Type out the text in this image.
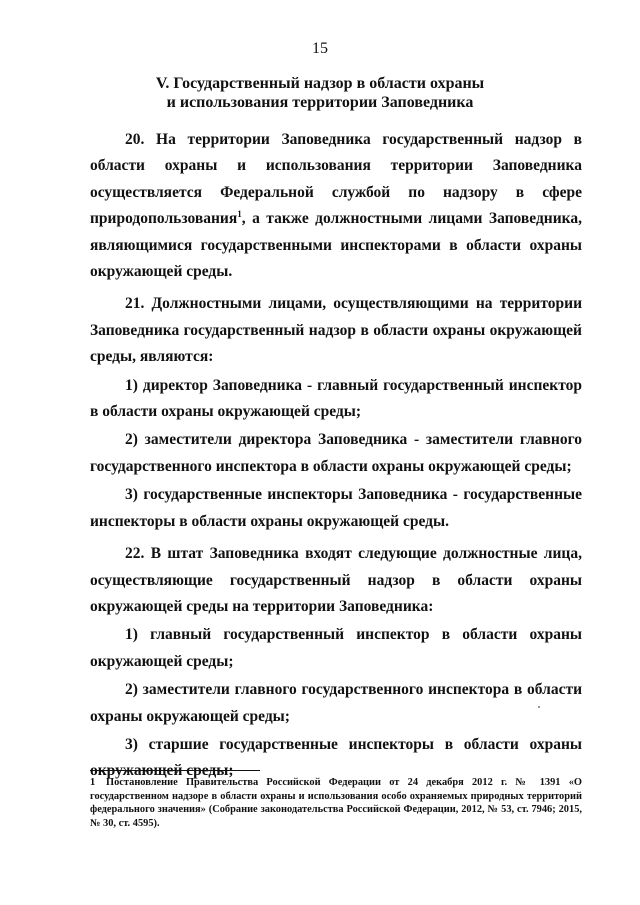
15
V. Государственный надзор в области охраны
и использования территории Заповедника

20. На территории Заповедника государственный надзор в области охраны и использования территории Заповедника осуществляется Федеральной службой по надзору в сфере природопользования$^1$, а также должностными лицами Заповедника, являющимися государственными инспекторами в области охраны окружающей среды.

21. Должностными лицами, осуществляющими на территории Заповедника государственный надзор в области охраны окружающей среды, являются:

1) директор Заповедника - главный государственный инспектор в области охраны окружающей среды;

2) заместители директора Заповедника - заместители главного государственного инспектора в области охраны окружающей среды;

3) государственные инспекторы Заповедника - государственные инспекторы в области охраны окружающей среды.

22. В штат Заповедника входят следующие должностные лица, осуществляющие государственный надзор в области охраны окружающей среды на территории Заповедника:

1) главный государственный инспектор в области охраны окружающей среды;

2) заместители главного государственного инспектора в области охраны окружающей среды;

3) старшие государственные инспекторы в области охраны окружающей среды;

1 Постановление Правительства Российской Федерации от 24 декабря 2012 г. № 1391 «О государственном надзоре в области охраны и использования особо охраняемых природных территорий федерального значения» (Собрание законодательства Российской Федерации, 2012, № 53, ст. 7946; 2015, № 30, ст. 4595).
